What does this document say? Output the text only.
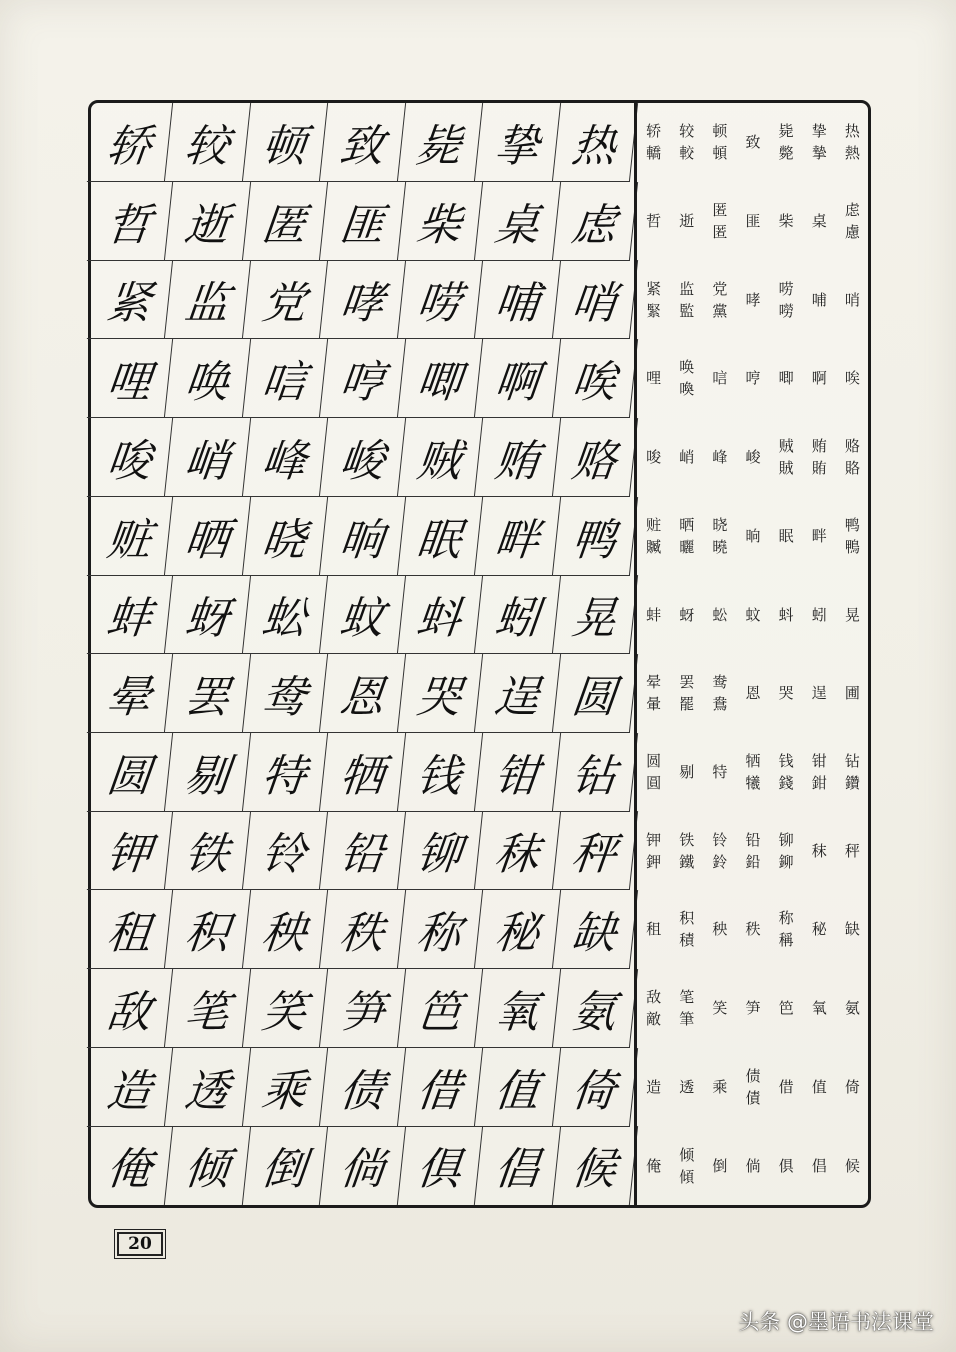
轿 较 顿 致 毙 挚 热
哲 逝 匿 匪 柴 桌 虑
紧 监 党 哮 唠 哺 哨
哩 唤 唁 哼 唧 啊 唉
唆 峭 峰 峻 贼 贿 赂
赃 晒 晓 晌 眠 畔 鸭
蚌 蚜 蚣 蚊 蚪 蚓 晃
晕 罢 鸯 恩 哭 逞 圆
圆 剔 特 牺 钱 钳 钻
钾 铁 铃 铅 铆 秣 秤
租 积 秧 秩 称 秘 缺
敌 笔 笑 笋 笆 氧 氨
造 透 乘 债 借 值 倚
俺 倾 倒 倘 俱 倡 候
轿
轎
较
較
顿
頓
致
毙
斃
挚
摯
热
熱
哲 逝
匿
匿
匪 柴 桌
虑
慮
紧
緊
监
監
党
黨
哮
唠
嘮
哺 哨
哩
唤
喚
唁 哼 唧 啊 唉
唆 峭 峰 峻
贼
賊
贿
賄
赂
賂
赃
贓
晒
曬
晓
曉
晌 眠 畔
鸭
鴨
蚌 蚜 蚣 蚊 蚪 蚓 晃
晕
暈
罢
罷
鸯
鴦
恩 哭 逞 圃
圆
圓
剔 特
牺
犧
钱
錢
钳
鉗
钻
鑽
钾
鉀
铁
鐵
铃
鈴
铅
鉛
铆
鉚
秣 秤
租
积
積
秧 秩
称
稱
秘 缺
敌
敵
笔
筆
笑 笋 笆 氧 氨
造 透 乘
债
債
借 值 倚
俺
倾
傾
倒 倘 俱 倡 候
20
头条 @墨语书法课堂
